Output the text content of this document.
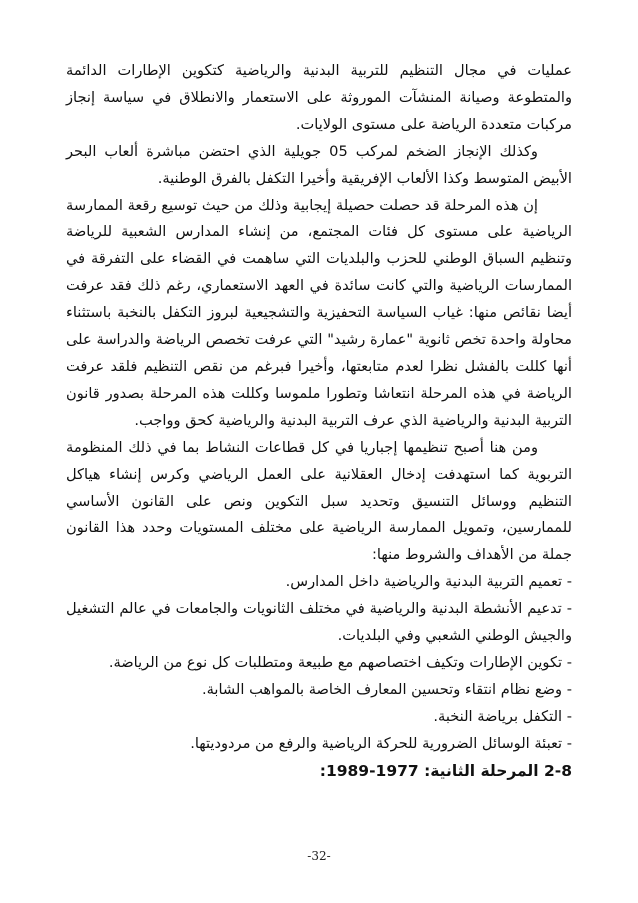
عمليات في مجال التنظيم للتربية البدنية والرياضية كتكوين الإطارات الدائمة والمتطوعة وصيانة المنشآت الموروثة على الاستعمار والانطلاق في سياسة إنجاز مركبات متعددة الرياضة على مستوى الولايات.

وكذلك الإنجاز الضخم لمركب 05 جويلية الذي احتضن مباشرة ألعاب البحر الأبيض المتوسط وكذا الألعاب الإفريقية وأخيرا التكفل بالفرق الوطنية.

إن هذه المرحلة قد حصلت حصيلة إيجابية وذلك من حيث توسيع رقعة الممارسة الرياضية على مستوى كل فئات المجتمع، من إنشاء المدارس الشعبية للرياضة وتنظيم السباق الوطني للحزب والبلديات التي ساهمت في القضاء على التفرقة في الممارسات الرياضية والتي كانت سائدة في العهد الاستعماري، رغم ذلك فقد عرفت أيضا نقائص منها: غياب السياسة التحفيزية والتشجيعية لبروز التكفل بالنخبة باستثناء محاولة واحدة تخص ثانوية "عمارة رشيد" التي عرفت تخصص الرياضة والدراسة على أنها كللت بالفشل نظرا لعدم متابعتها، وأخيرا فبرغم من نقص التنظيم فلقد عرفت الرياضة في هذه المرحلة انتعاشا وتطورا ملموسا وكللت هذه المرحلة بصدور قانون التربية البدنية والرياضية الذي عرف التربية البدنية والرياضية كحق وواجب.

ومن هنا أصبح تنظيمها إجباريا في كل قطاعات النشاط بما في ذلك المنظومة التربوية كما استهدفت إدخال العقلانية على العمل الرياضي وكرس إنشاء هياكل التنظيم ووسائل التنسيق وتحديد سبل التكوين ونص على القانون الأساسي للممارسين، وتمويل الممارسة الرياضية على مختلف المستويات وحدد هذا القانون جملة من الأهداف والشروط منها:

- تعميم التربية البدنية والرياضية داخل المدارس.

- تدعيم الأنشطة البدنية والرياضية في مختلف الثانويات والجامعات في عالم التشغيل والجيش الوطني الشعبي وفي البلديات.

- تكوين الإطارات وتكيف اختصاصهم مع طبيعة ومتطلبات كل نوع من الرياضة.

- وضع نظام انتقاء وتحسين المعارف الخاصة بالمواهب الشابة.

- التكفل برياضة النخبة.

- تعبئة الوسائل الضرورية للحركة الرياضية والرفع من مردوديتها.

2-8 المرحلة الثانية: 1977-1989:

-32-
